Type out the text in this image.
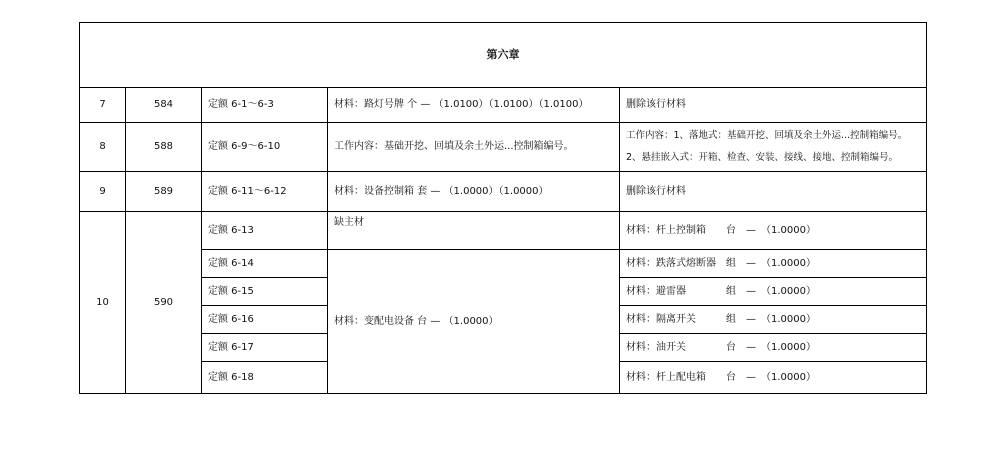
第六章				
7	584	定额 6-1～6-3	材料：路灯号牌 个 — （1.0100）（1.0100）（1.0100）	删除该行材料
8	588	定额 6-9～6-10	工作内容：基础开挖、回填及余土外运...控制箱编号。	工作内容：1、落地式：基础开挖、回填及余土外运...控制箱编号。2、悬挂嵌入式：开箱、检查、安装、接线、接地、控制箱编号。
9	589	定额 6-11～6-12	材料：设备控制箱 套 — （1.0000）（1.0000）	删除该行材料
10	590	定额 6-13	缺主材	材料：杆上控制箱　　台　—　（1.0000）
		定额 6-14	材料：变配电设备 台 — （1.0000）	材料：跌落式熔断器　组　—　（1.0000）
		定额 6-15		材料：避雷器　　　　组　—　（1.0000）
		定额 6-16		材料：隔离开关　　　组　—　（1.0000）
		定额 6-17		材料：油开关　　　　台　—　（1.0000）
		定额 6-18		材料：杆上配电箱　　台　—　（1.0000）
